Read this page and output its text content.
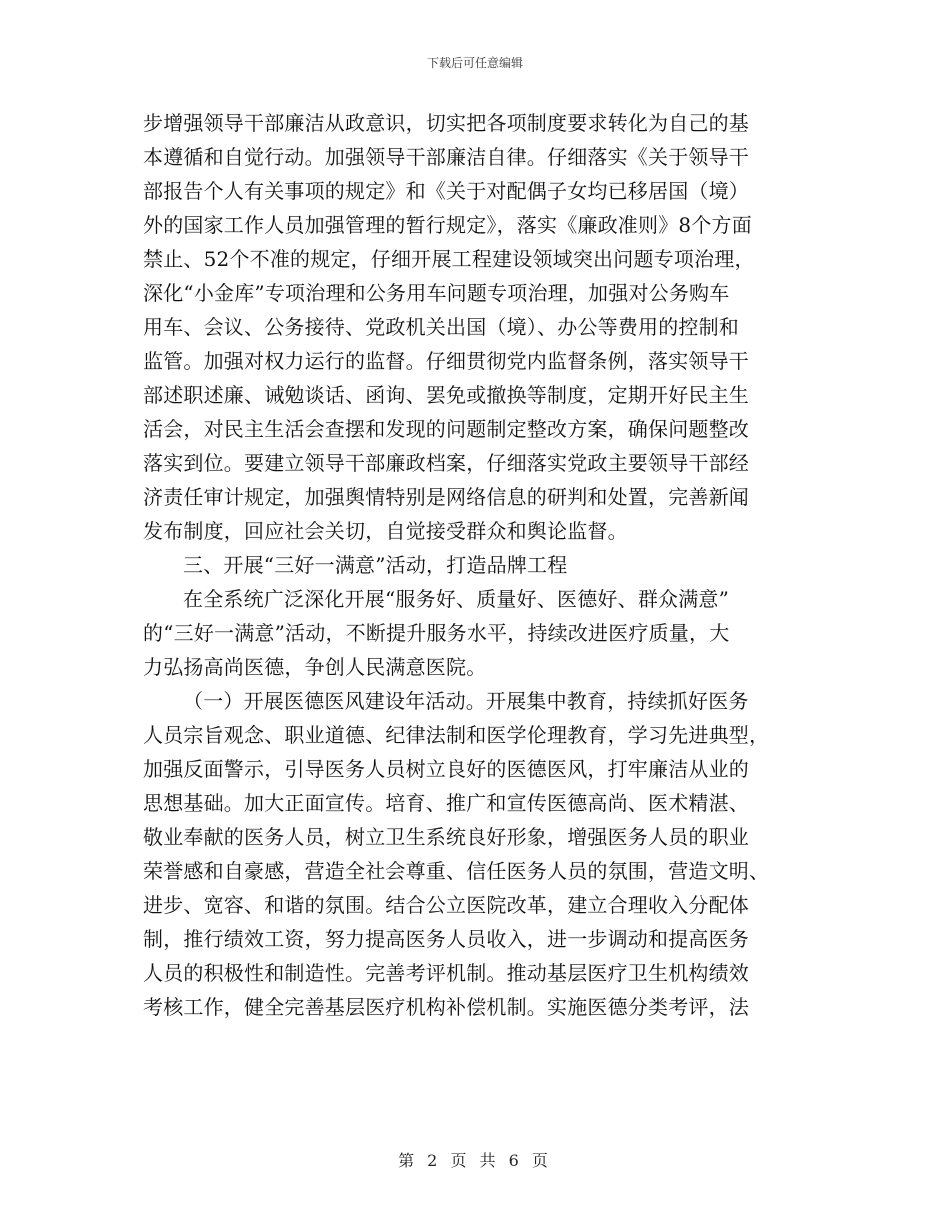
下载后可任意编辑
步增强领导干部廉洁从政意识，切实把各项制度要求转化为自己的基
本遵循和自觉行动。加强领导干部廉洁自律。仔细落实《关于领导干
部报告个人有关事项的规定》和《关于对配偶子女均已移居国（境）
外的国家工作人员加强管理的暂行规定》，落实《廉政准则》8个方面
禁止、52个不准的规定，仔细开展工程建设领域突出问题专项治理，
深化“小金库”专项治理和公务用车问题专项治理，加强对公务购车
用车、会议、公务接待、党政机关出国（境）、办公等费用的控制和
监管。加强对权力运行的监督。仔细贯彻党内监督条例，落实领导干
部述职述廉、诫勉谈话、函询、罢免或撤换等制度，定期开好民主生
活会，对民主生活会查摆和发现的问题制定整改方案，确保问题整改
落实到位。要建立领导干部廉政档案，仔细落实党政主要领导干部经
济责任审计规定，加强舆情特别是网络信息的研判和处置，完善新闻
发布制度，回应社会关切，自觉接受群众和舆论监督。
三、开展“三好一满意”活动，打造品牌工程
在全系统广泛深化开展“服务好、质量好、医德好、群众满意”
的“三好一满意”活动，不断提升服务水平，持续改进医疗质量，大
力弘扬高尚医德，争创人民满意医院。
（一）开展医德医风建设年活动。开展集中教育，持续抓好医务
人员宗旨观念、职业道德、纪律法制和医学伦理教育，学习先进典型，
加强反面警示，引导医务人员树立良好的医德医风，打牢廉洁从业的
思想基础。加大正面宣传。培育、推广和宣传医德高尚、医术精湛、
敬业奉献的医务人员，树立卫生系统良好形象，增强医务人员的职业
荣誉感和自豪感，营造全社会尊重、信任医务人员的氛围，营造文明、
进步、宽容、和谐的氛围。结合公立医院改革，建立合理收入分配体
制，推行绩效工资，努力提高医务人员收入，进一步调动和提高医务
人员的积极性和制造性。完善考评机制。推动基层医疗卫生机构绩效
考核工作，健全完善基层医疗机构补偿机制。实施医德分类考评，法
第 2 页 共 6 页
